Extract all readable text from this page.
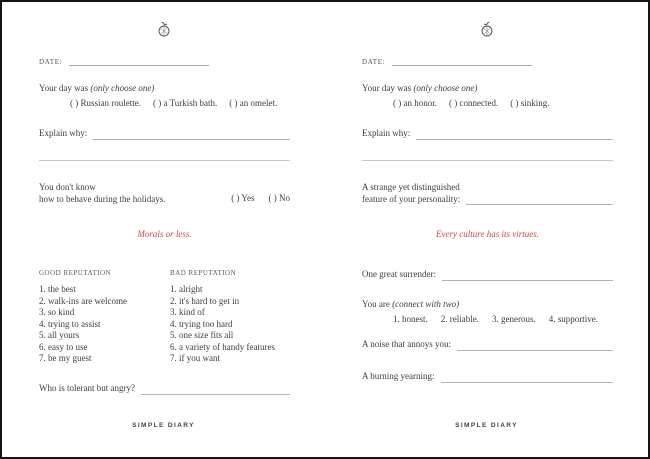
DATE:
Your day was (only choose one)
( ) Russian roulette. ( ) a Turkish bath. ( ) an omelet.
Explain why:
You don't know
how to behave during the holidays.	( ) Yes ( ) No
Morals or less.
GOOD REPUTATION
1. the best
2. walk-ins are welcome
3. so kind
4. trying to assist
5. all yours
6. easy to use
7. be my guest
BAD REPUTATION
1. alright
2. it's hard to get in
3. kind of
4. trying too hard
5. one size fits all
6. a variety of handy features
7. if you want
Who is tolerant but angry?
SIMPLE DIARY
DATE:
Your day was (only choose one)
( ) an honor. ( ) connected. ( ) sinking.
Explain why:
A strange yet distinguished
feature of your personality:
Every culture has its virtues.
One great surrender:
You are (connect with two)
1. honest. 2. reliable. 3. generous. 4. supportive.
A noise that annoys you:
A burning yearning:
SIMPLE DIARY
